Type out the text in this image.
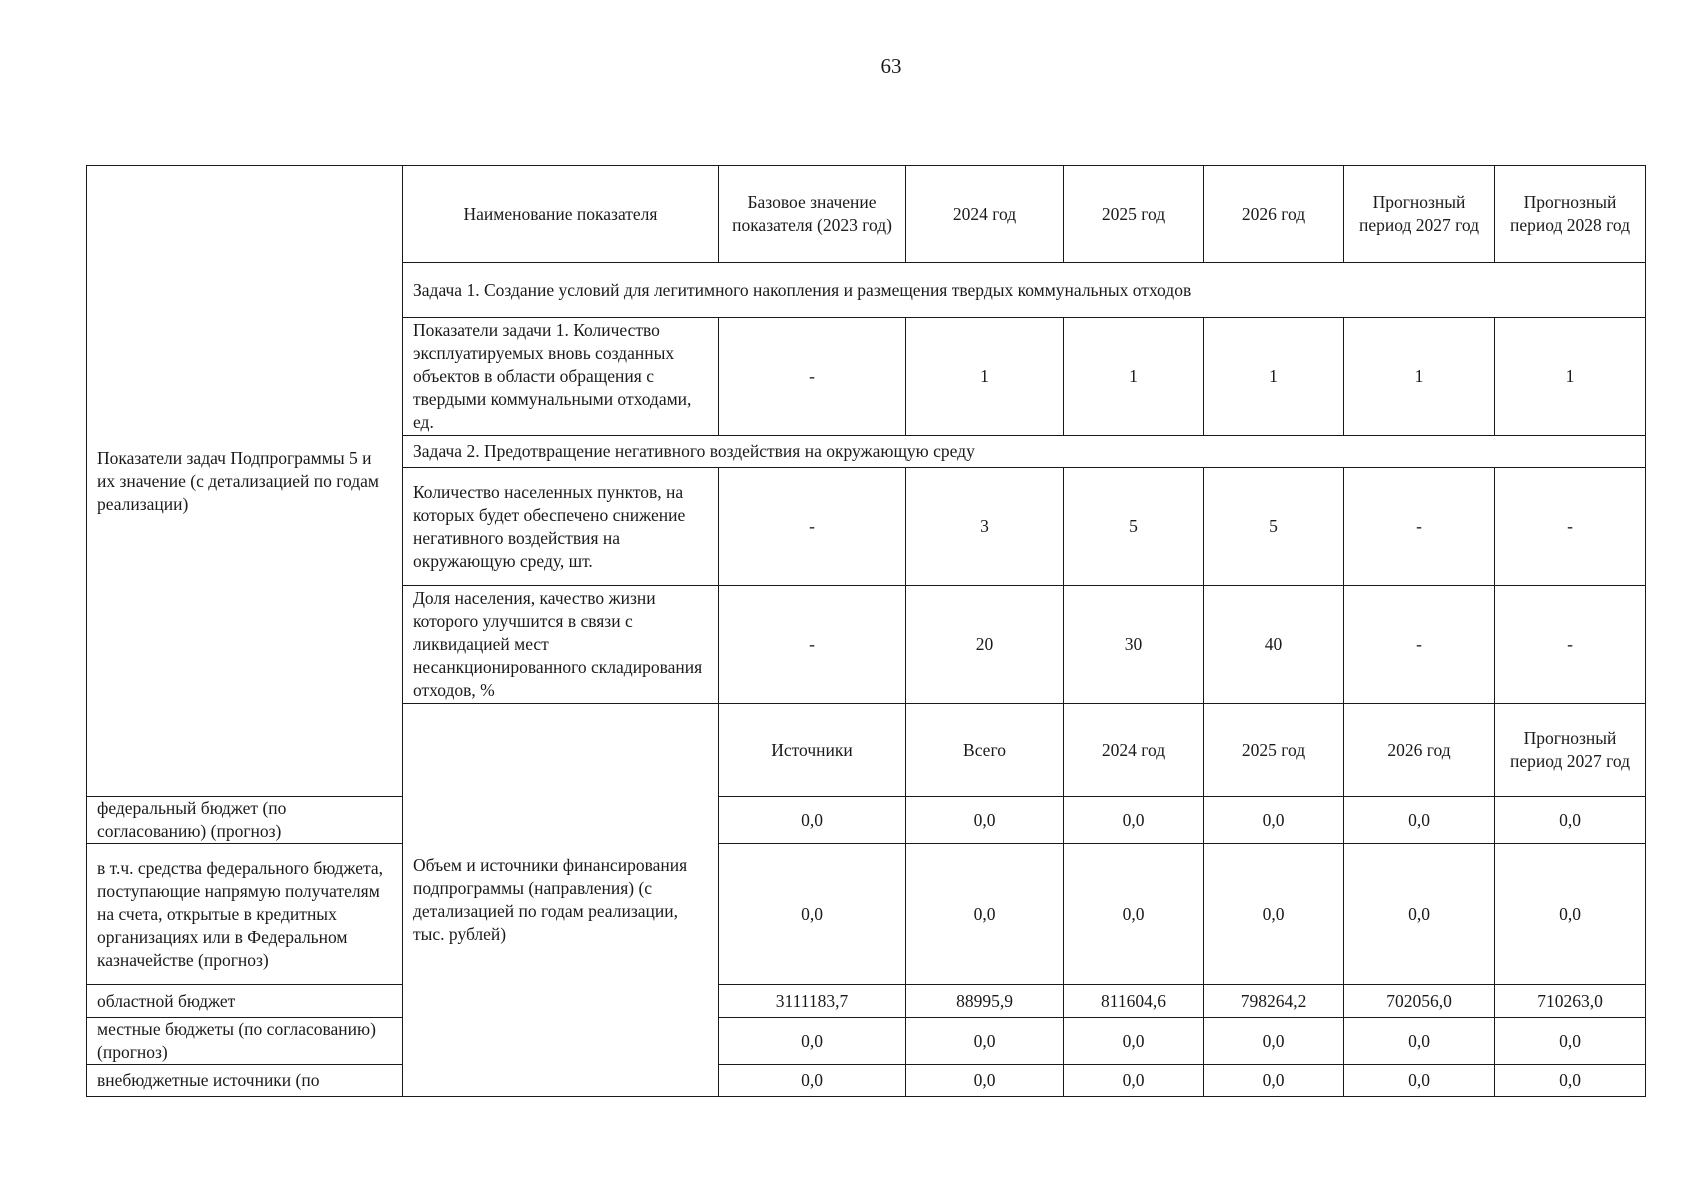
63
Показатели задач Подпрограммы 5 и их значение (с детализацией по годам реализации)	Наименование показателя	Базовое значение показателя (2023 год)	2024 год	2025 год	2026 год	Прогнозный период 2027 год	Прогнозный период 2028 год	
	Задача 1. Создание условий для легитимного накопления и размещения твердых коммунальных отходов							
	Показатели задачи 1. Количество эксплуатируемых вновь созданных объектов в области обращения с твердыми коммунальными отходами, ед.	-	1	1	1	1	1	
	Задача 2. Предотвращение негативного воздействия на окружающую среду							
	Количество населенных пунктов, на которых будет обеспечено снижение негативного воздействия на окружающую среду, шт.	-	3	5	5	-	-	
	Доля населения, качество жизни которого улучшится в связи с ликвидацией мест несанкционированного складирования отходов, %	-	20	30	40	-	-	
	Объем и источники финансирования подпрограммы (направления) (с детализацией по годам реализации, тыс. рублей)	Источники	Всего	2024 год	2025 год	2026 год	Прогнозный период 2027 год	
федеральный бюджет (по согласованию) (прогноз)		0,0	0,0	0,0	0,0	0,0	0,0	
в т.ч. средства федерального бюджета, поступающие напрямую получателям на счета, открытые в кредитных организациях или в Федеральном казначействе (прогноз)		0,0	0,0	0,0	0,0	0,0	0,0	
областной бюджет		3111183,7	88995,9	811604,6	798264,2	702056,0	710263,0	
местные бюджеты (по согласованию) (прогноз)		0,0	0,0	0,0	0,0	0,0	0,0	
внебюджетные источники (по		0,0	0,0	0,0	0,0	0,0	0,0	
